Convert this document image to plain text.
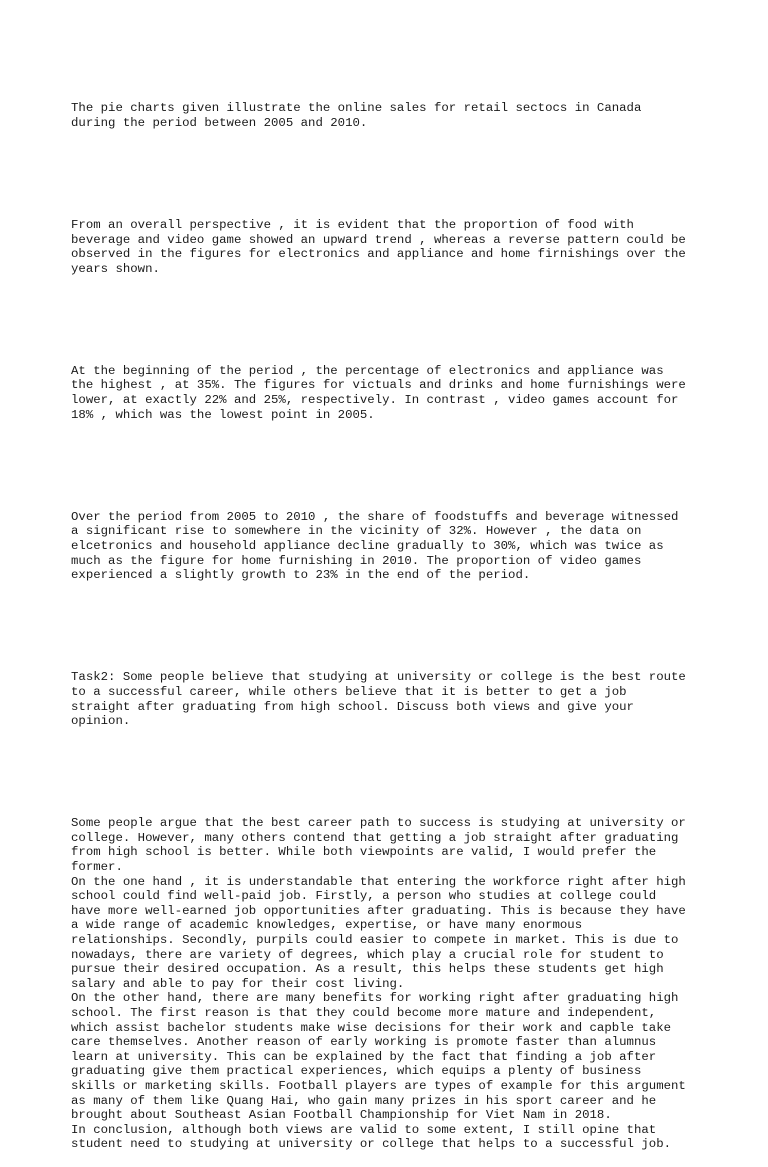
The pie charts given illustrate the online sales for retail sectocs in Canada
during the period between 2005 and 2010.

From an overall perspective , it is evident that the proportion of food with
beverage and video game showed an upward trend , whereas a reverse pattern could be
observed in the figures for electronics and appliance and home firnishings over the
years shown.

At the beginning of the period , the percentage of electronics and appliance was
the highest , at 35%. The figures for victuals and drinks and home furnishings were
lower, at exactly 22% and 25%, respectively. In contrast , video games account for
18% , which was the lowest point in 2005.

Over the period from 2005 to 2010 , the share of foodstuffs and beverage witnessed
a significant rise to somewhere in the vicinity of 32%. However , the data on
elcetronics and household appliance decline gradually to 30%, which was twice as
much as the figure for home furnishing in 2010. The proportion of video games
experienced a slightly growth to 23% in the end of the period.

Task2: Some people believe that studying at university or college is the best route
to a successful career, while others believe that it is better to get a job
straight after graduating from high school. Discuss both views and give your
opinion.

Some people argue that the best career path to success is studying at university or
college. However, many others contend that getting a job straight after graduating
from high school is better. While both viewpoints are valid, I would prefer the
former.
On the one hand , it is understandable that entering the workforce right after high
school could find well-paid job. Firstly, a person who studies at college could
have more well-earned job opportunities after graduating. This is because they have
a wide range of academic knowledges, expertise, or have many enormous
relationships. Secondly, purpils could easier to compete in market. This is due to
nowadays, there are variety of degrees, which play a crucial role for student to
pursue their desired occupation. As a result, this helps these students get high
salary and able to pay for their cost living.
On the other hand, there are many benefits for working right after graduating high
school. The first reason is that they could become more mature and independent,
which assist bachelor students make wise decisions for their work and capble take
care themselves. Another reason of early working is promote faster than alumnus
learn at university. This can be explained by the fact that finding a job after
graduating give them practical experiences, which equips a plenty of business
skills or marketing skills. Football players are types of example for this argument
as many of them like Quang Hai, who gain many prizes in his sport career and he
brought about Southeast Asian Football Championship for Viet Nam in 2018.
In conclusion, although both views are valid to some extent, I still opine that
student need to studying at university or college that helps to a successful job.
